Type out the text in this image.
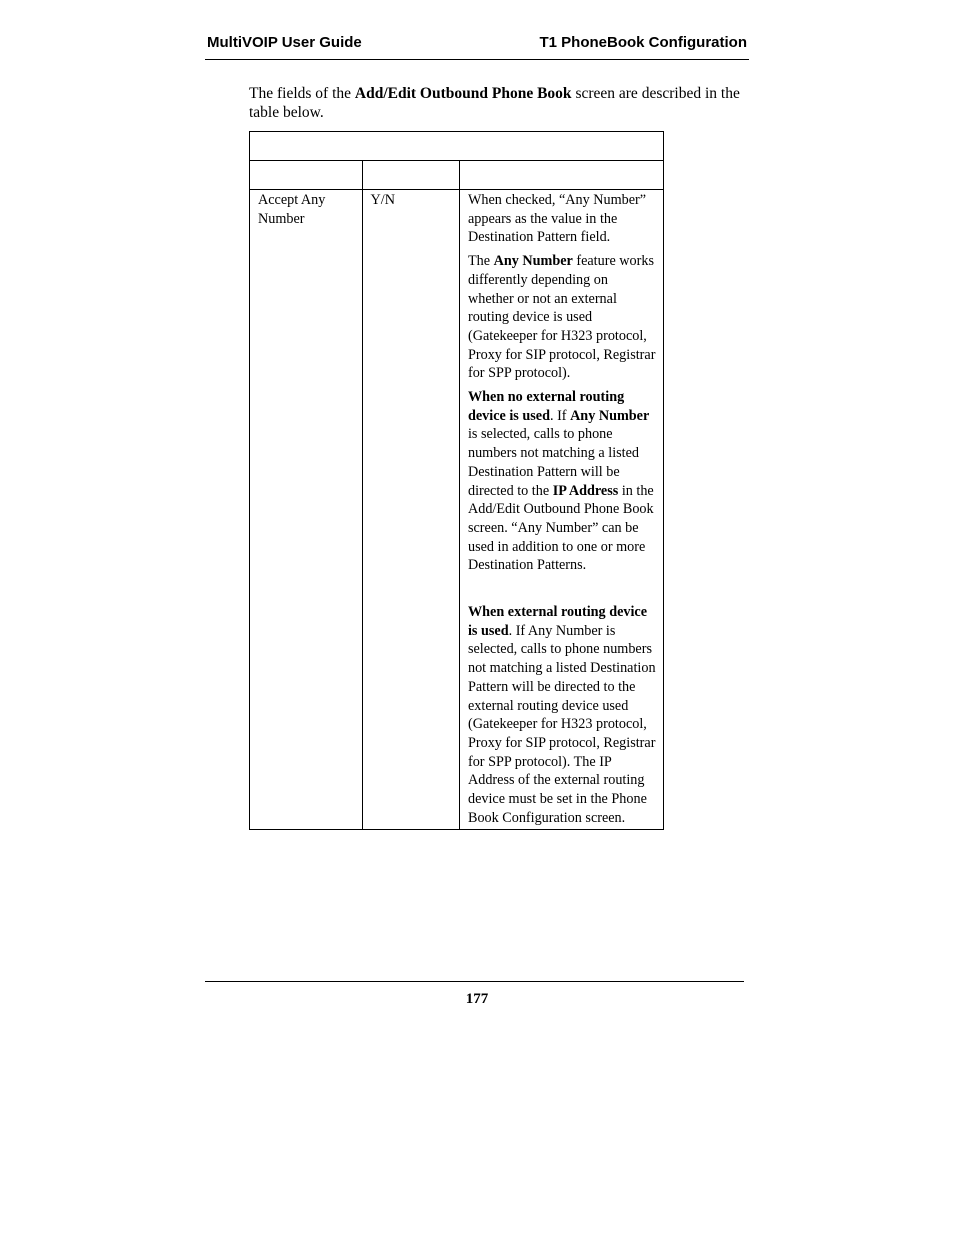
MultiVOIP User Guide	T1 PhoneBook Configuration

The fields of the Add/Edit Outbound Phone Book screen are described in the table below.

Accept Any Number	Y/N	When checked, “Any Number” appears as the value in the Destination Pattern field.

The Any Number feature works differently depending on whether or not an external routing device is used (Gatekeeper for H323 protocol, Proxy for SIP protocol, Registrar for SPP protocol).

When no external routing device is used. If Any Number is selected, calls to phone numbers not matching a listed Destination Pattern will be directed to the IP Address in the Add/Edit Outbound Phone Book screen. “Any Number” can be used in addition to one or more Destination Patterns.

When external routing device is used. If Any Number is selected, calls to phone numbers not matching a listed Destination Pattern will be directed to the external routing device used (Gatekeeper for H323 protocol, Proxy for SIP protocol, Registrar for SPP protocol). The IP Address of the external routing device must be set in the Phone Book Configuration screen.

177
